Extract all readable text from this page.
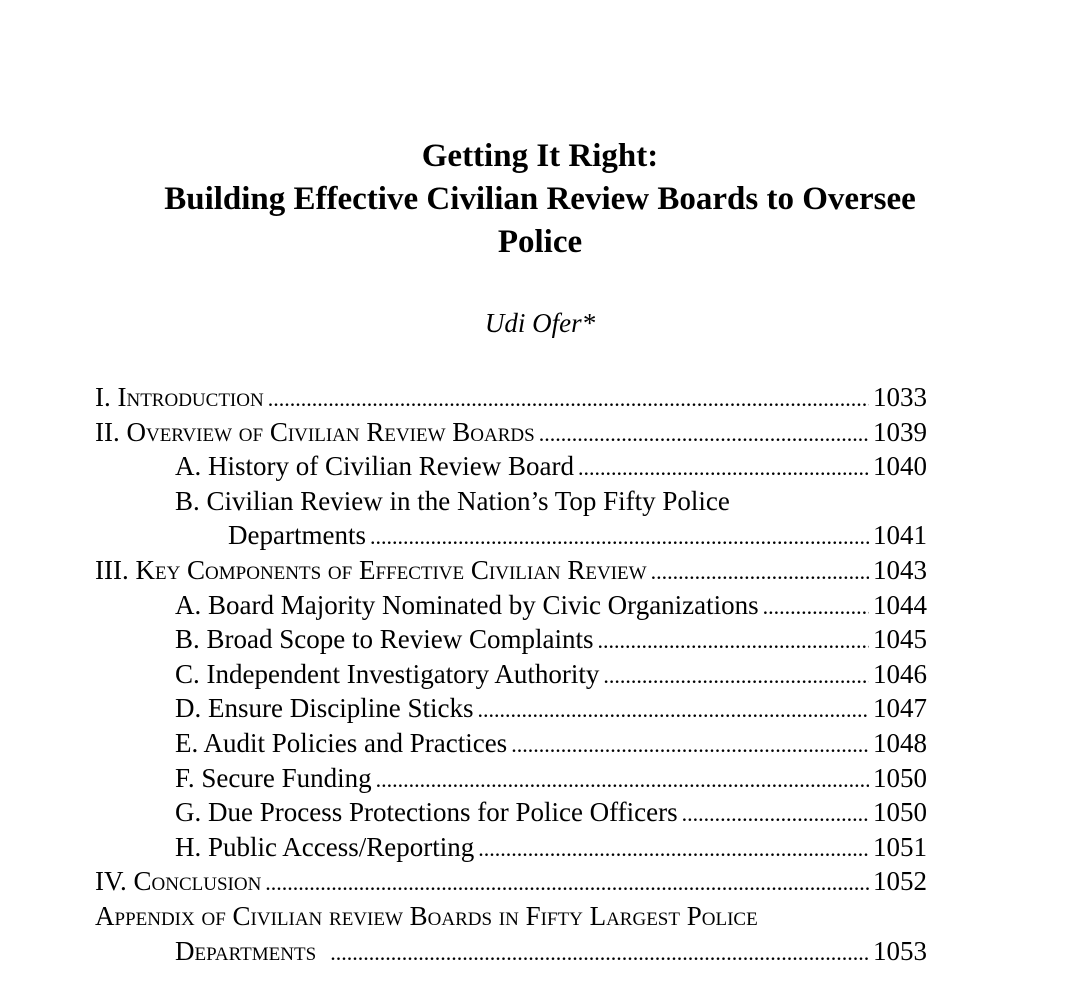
Getting It Right:
Building Effective Civilian Review Boards to Oversee
Police
Udi Ofer*
I. Introduction .....	1033
II. Overview of Civilian Review Boards .....	1039
A. History of Civilian Review Board .....	1040
B. Civilian Review in the Nation’s Top Fifty Police
Departments .....	1041
III. Key Components of Effective Civilian Review .....	1043
A. Board Majority Nominated by Civic Organizations .....	1044
B. Broad Scope to Review Complaints .....	1045
C. Independent Investigatory Authority .....	1046
D. Ensure Discipline Sticks .....	1047
E. Audit Policies and Practices .....	1048
F. Secure Funding .....	1050
G. Due Process Protections for Police Officers .....	1050
H. Public Access/Reporting .....	1051
IV. Conclusion .....	1052
Appendix of Civilian review Boards in Fifty Largest Police
Departments .....	1053
